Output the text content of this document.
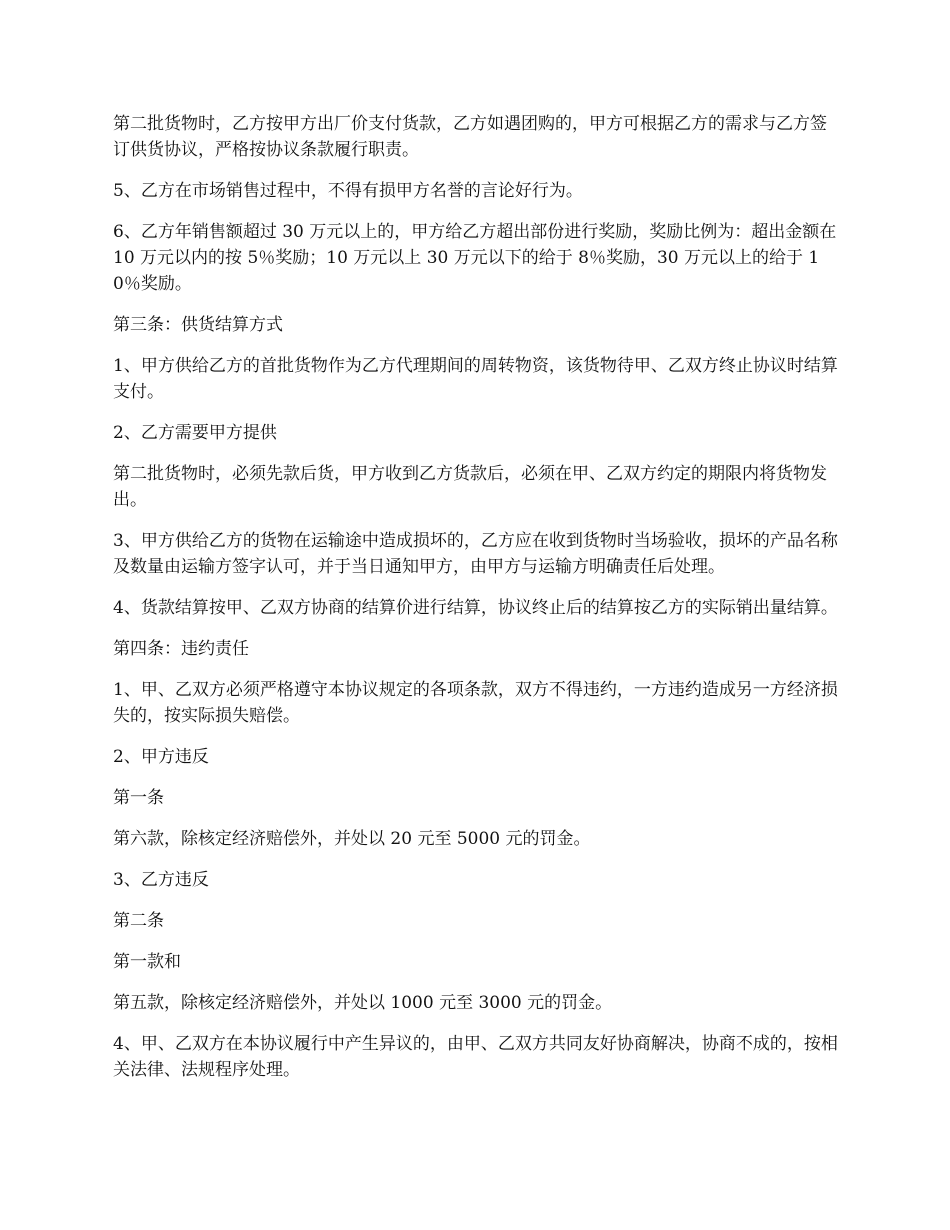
第二批货物时，乙方按甲方出厂价支付货款，乙方如遇团购的，甲方可根据乙方的需求与乙方签订供货协议，严格按协议条款履行职责。

5、乙方在市场销售过程中，不得有损甲方名誉的言论好行为。

6、乙方年销售额超过 30 万元以上的，甲方给乙方超出部份进行奖励，奖励比例为：超出金额在 10 万元以内的按 5％奖励；10 万元以上 30 万元以下的给于 8％奖励，30 万元以上的给于 10％奖励。

第三条：供货结算方式

1、甲方供给乙方的首批货物作为乙方代理期间的周转物资，该货物待甲、乙双方终止协议时结算支付。

2、乙方需要甲方提供

第二批货物时，必须先款后货，甲方收到乙方货款后，必须在甲、乙双方约定的期限内将货物发出。

3、甲方供给乙方的货物在运输途中造成损坏的，乙方应在收到货物时当场验收，损坏的产品名称及数量由运输方签字认可，并于当日通知甲方，由甲方与运输方明确责任后处理。

4、货款结算按甲、乙双方协商的结算价进行结算，协议终止后的结算按乙方的实际销出量结算。

第四条：违约责任

1、甲、乙双方必须严格遵守本协议规定的各项条款，双方不得违约，一方违约造成另一方经济损失的，按实际损失赔偿。

2、甲方违反

第一条

第六款，除核定经济赔偿外，并处以 20 元至 5000 元的罚金。

3、乙方违反

第二条

第一款和

第五款，除核定经济赔偿外，并处以 1000 元至 3000 元的罚金。

4、甲、乙双方在本协议履行中产生异议的，由甲、乙双方共同友好协商解决，协商不成的，按相关法律、法规程序处理。
